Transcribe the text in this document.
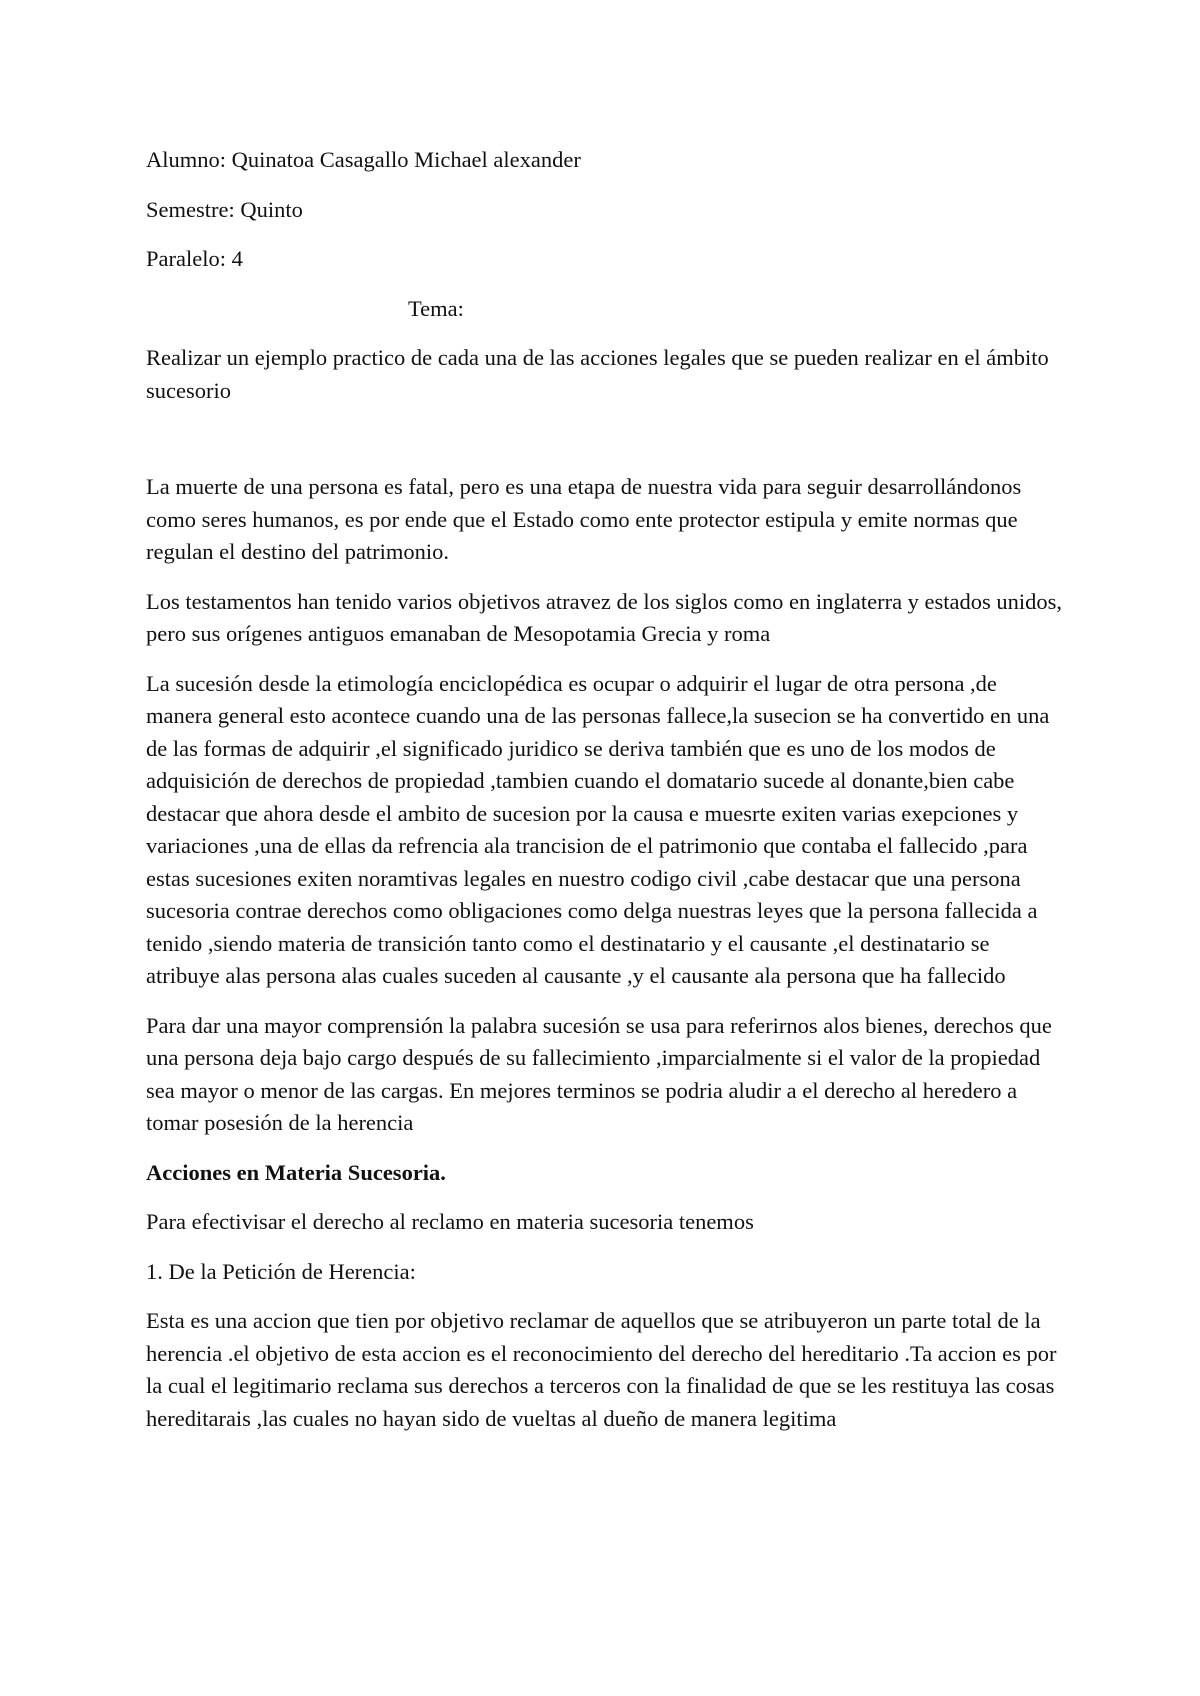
Alumno: Quinatoa Casagallo Michael alexander

Semestre: Quinto

Paralelo: 4

Tema:

Realizar un ejemplo practico de cada una de las acciones legales que se pueden realizar en el ámbito sucesorio

La muerte de una persona es fatal, pero es una etapa de nuestra vida para seguir desarrollándonos como seres humanos, es por ende que el Estado como ente protector estipula y emite normas que regulan el destino del patrimonio.

Los testamentos han tenido varios objetivos atravez de los siglos como en inglaterra y estados unidos, pero sus orígenes antiguos emanaban de Mesopotamia Grecia y roma

La sucesión desde la etimología enciclopédica es ocupar o adquirir el lugar de otra persona ,de manera general esto acontece cuando una de las personas fallece,la susecion se ha convertido en una de las formas de adquirir ,el significado juridico se deriva también que es uno de los modos de adquisición de derechos de propiedad ,tambien cuando el domatario sucede al donante,bien cabe destacar que ahora desde el ambito de sucesion por la causa e muesrte exiten varias exepciones y variaciones ,una de ellas da refrencia ala trancision de el patrimonio que contaba el fallecido ,para estas sucesiones exiten noramtivas legales en nuestro codigo civil ,cabe destacar que una persona sucesoria contrae derechos como obligaciones como delga nuestras leyes que la persona fallecida a tenido ,siendo materia de transición tanto como el destinatario y el causante ,el destinatario se atribuye alas persona alas cuales suceden al causante ,y el causante ala persona que ha fallecido

Para dar una mayor comprensión la palabra sucesión se usa para referirnos alos bienes, derechos que una persona deja bajo cargo después de su fallecimiento ,imparcialmente si el valor de la propiedad sea mayor o menor de las cargas. En mejores terminos se podria aludir a el derecho al heredero a tomar posesión de la herencia

Acciones en Materia Sucesoria.

Para efectivisar el derecho al reclamo en materia sucesoria tenemos

1. De la Petición de Herencia:

Esta es una accion que tien por objetivo reclamar de aquellos que se atribuyeron un parte total de la herencia .el objetivo de esta accion es el reconocimiento del derecho del hereditario .Ta accion es por la cual el legitimario reclama sus derechos a terceros con la finalidad de que se les restituya las cosas hereditarais ,las cuales no hayan sido de vueltas al dueño de manera legitima
